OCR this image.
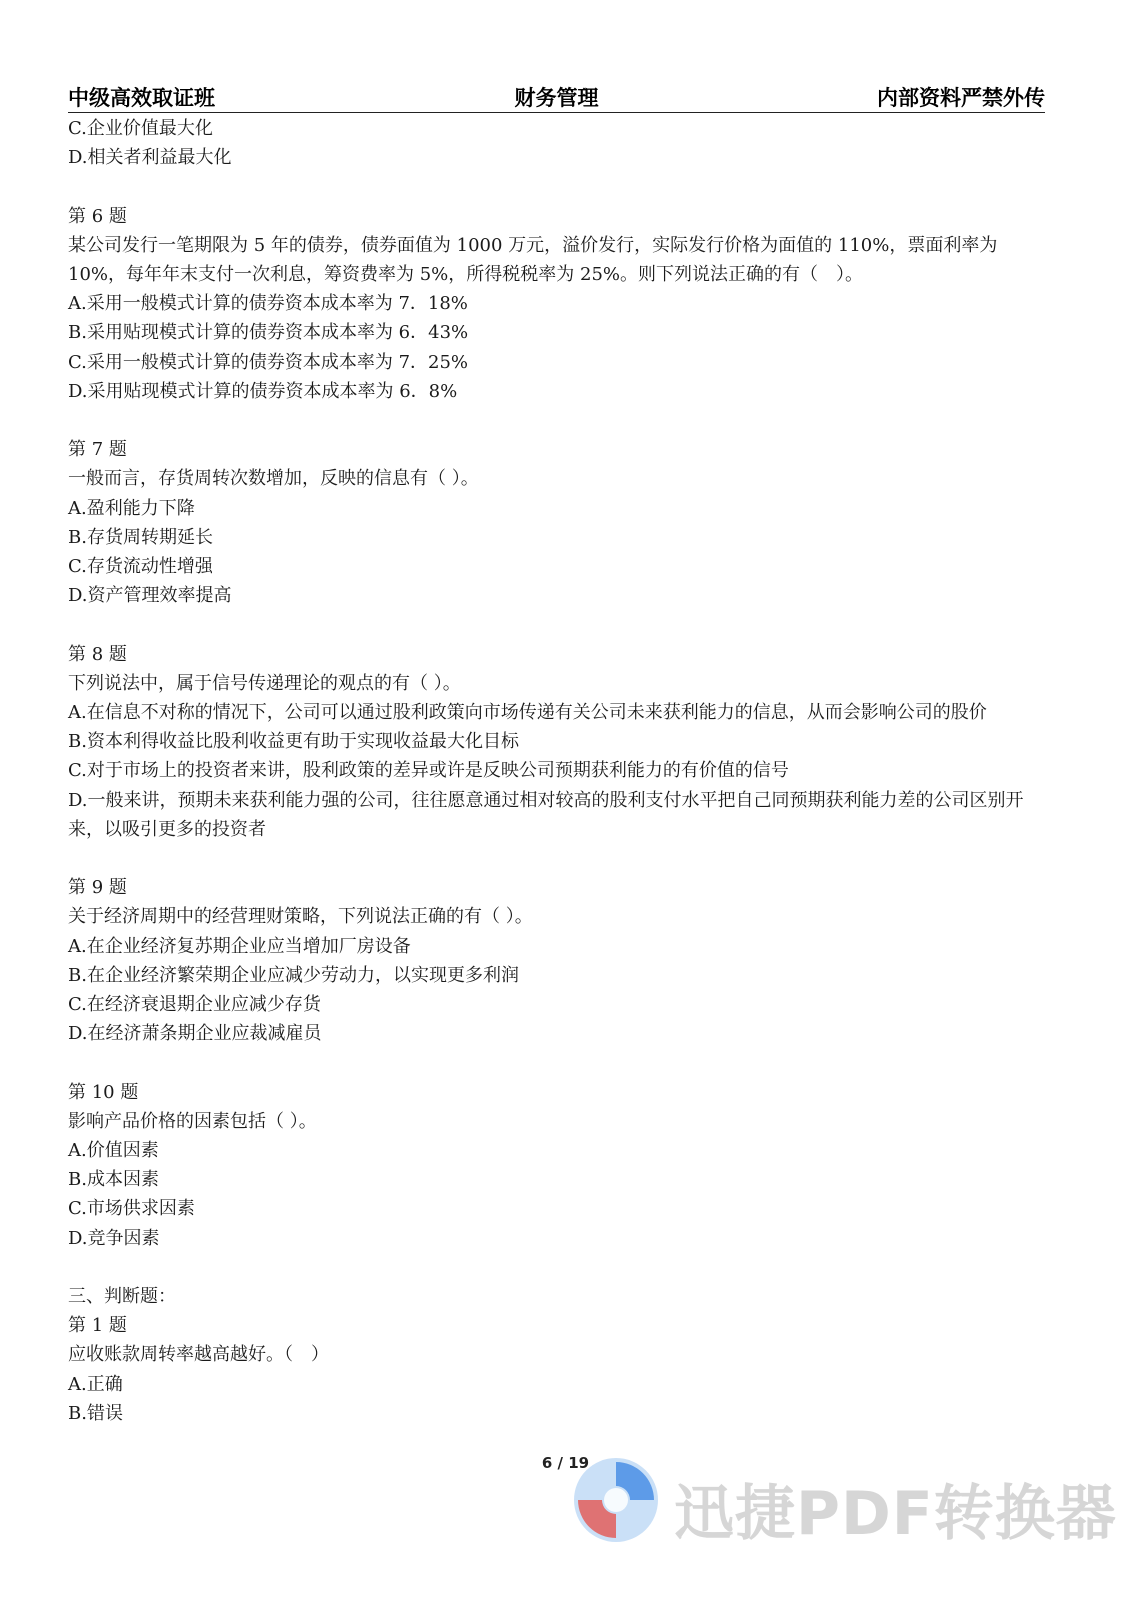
中级高效取证班	财务管理	内部资料严禁外传
C.企业价值最大化
D.相关者利益最大化
第 6 题
某公司发行一笔期限为 5 年的债券，债券面值为 1000 万元，溢价发行，实际发行价格为面值的 110%，票面利率为 10%，每年年末支付一次利息，筹资费率为 5%，所得税税率为 25%。则下列说法正确的有（　）。
A.采用一般模式计算的债券资本成本率为 7．18%
B.采用贴现模式计算的债券资本成本率为 6．43%
C.采用一般模式计算的债券资本成本率为 7．25%
D.采用贴现模式计算的债券资本成本率为 6．8%
第 7 题
一般而言，存货周转次数增加，反映的信息有（ ）。
A.盈利能力下降
B.存货周转期延长
C.存货流动性增强
D.资产管理效率提高
第 8 题
下列说法中，属于信号传递理论的观点的有（ ）。
A.在信息不对称的情况下，公司可以通过股利政策向市场传递有关公司未来获利能力的信息，从而会影响公司的股价
B.资本利得收益比股利收益更有助于实现收益最大化目标
C.对于市场上的投资者来讲，股利政策的差异或许是反映公司预期获利能力的有价值的信号
D.一般来讲，预期未来获利能力强的公司，往往愿意通过相对较高的股利支付水平把自己同预期获利能力差的公司区别开来，以吸引更多的投资者
第 9 题
关于经济周期中的经营理财策略，下列说法正确的有（ ）。
A.在企业经济复苏期企业应当增加厂房设备
B.在企业经济繁荣期企业应减少劳动力，以实现更多利润
C.在经济衰退期企业应减少存货
D.在经济萧条期企业应裁减雇员
第 10 题
影响产品价格的因素包括（ ）。
A.价值因素
B.成本因素
C.市场供求因素
D.竞争因素
三、判断题：
第 1 题
应收账款周转率越高越好。（　）
A.正确
B.错误
6 / 19
迅捷PDF转换器
